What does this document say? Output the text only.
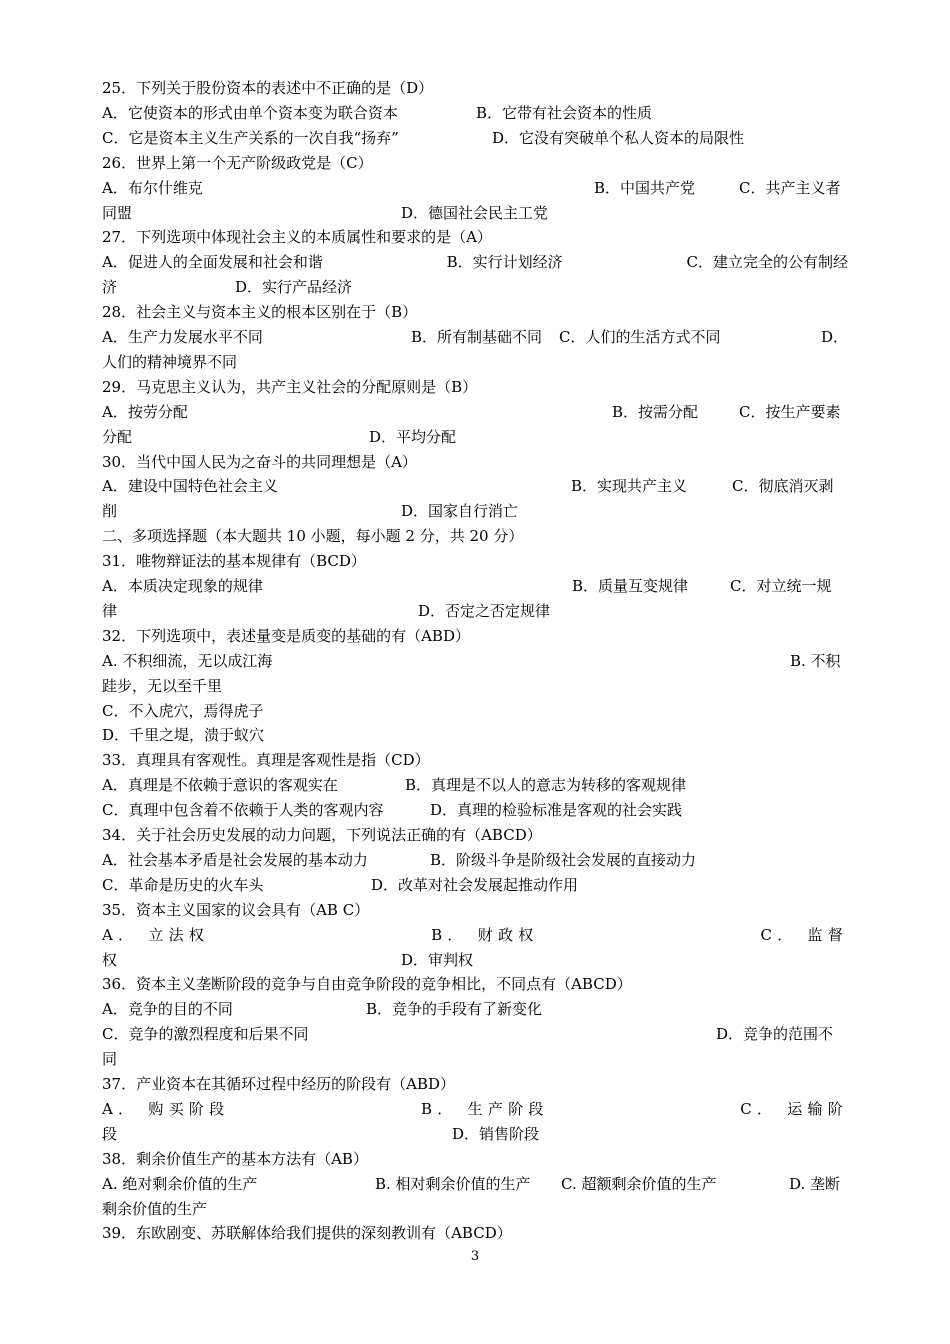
25．下列关于股份资本的表述中不正确的是（D）
A．它使资本的形式由单个资本变为联合资本	B．它带有社会资本的性质
C．它是资本主义生产关系的一次自我“扬弃”	D．它没有突破单个私人资本的局限性
26．世界上第一个无产阶级政党是（C）
A．布尔什维克	B．中国共产党	C．共产主义者
同盟	D．德国社会民主工党
27．下列选项中体现社会主义的本质属性和要求的是（A）
A．促进人的全面发展和社会和谐	B．实行计划经济	C．建立完全的公有制经
济	D．实行产品经济
28．社会主义与资本主义的根本区别在于（B）
A．生产力发展水平不同	B．所有制基础不同 C．人们的生活方式不同	D．
人们的精神境界不同
29．马克思主义认为，共产主义社会的分配原则是（B）
A．按劳分配	B．按需分配	C．按生产要素
分配	D．平均分配
30．当代中国人民为之奋斗的共同理想是（A）
A．建设中国特色社会主义	B．实现共产主义	C．彻底消灭剥
削	D．国家自行消亡
二、多项选择题（本大题共 10 小题，每小题 2 分，共 20 分）
31．唯物辩证法的基本规律有（BCD）
A．本质决定现象的规律	B．质量互变规律	C．对立统一规
律	D．否定之否定规律
32．下列选项中，表述量变是质变的基础的有（ABD）
A. 不积细流，无以成江海	B. 不积
跬步，无以至千里
C．不入虎穴，焉得虎子
D．千里之堤，溃于蚁穴
33．真理具有客观性。真理是客观性是指（CD）
A．真理是不依赖于意识的客观实在	B．真理是不以人的意志为转移的客观规律
C．真理中包含着不依赖于人类的客观内容	D．真理的检验标准是客观的社会实践
34．关于社会历史发展的动力问题，下列说法正确的有（ABCD）
A．社会基本矛盾是社会发展的基本动力	B．阶级斗争是阶级社会发展的直接动力
C．革命是历史的火车头	D．改革对社会发展起推动作用
35．资本主义国家的议会具有（AB C）
A． 立法权	B． 财政权	C． 监督
权	D．审判权
36．资本主义垄断阶段的竞争与自由竞争阶段的竞争相比，不同点有（ABCD）
A．竞争的目的不同	B．竞争的手段有了新变化
C．竞争的激烈程度和后果不同	D．竞争的范围不
同
37．产业资本在其循环过程中经历的阶段有（ABD）
A． 购买阶段	B． 生产阶段	C． 运输阶
段	D．销售阶段
38．剩余价值生产的基本方法有（AB）
A. 绝对剩余价值的生产	B. 相对剩余价值的生产 C. 超额剩余价值的生产	D. 垄断
剩余价值的生产
39．东欧剧变、苏联解体给我们提供的深刻教训有（ABCD）
3
